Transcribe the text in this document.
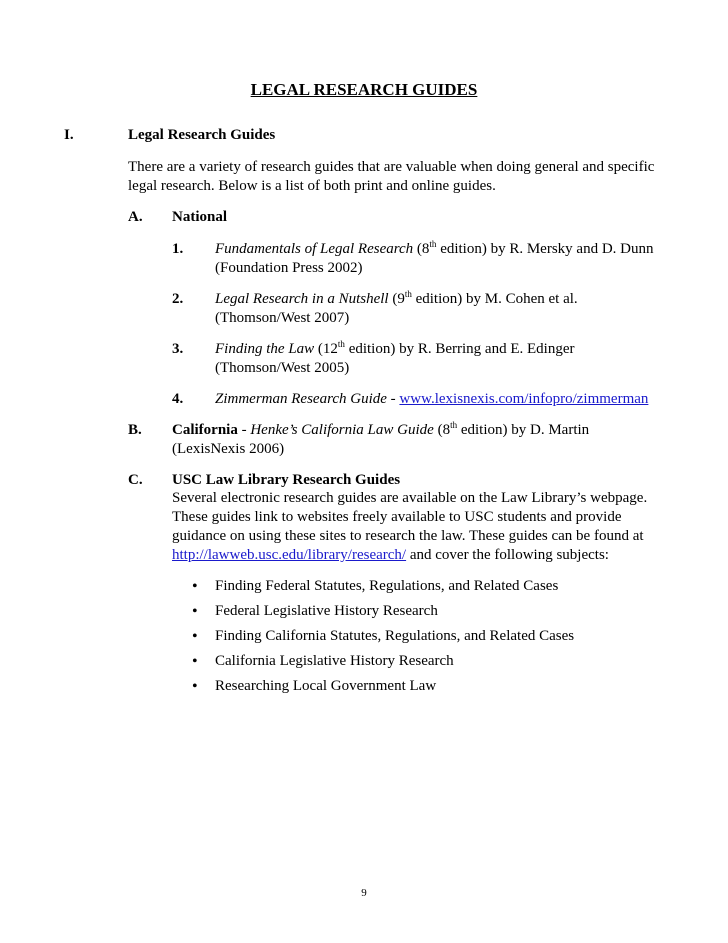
LEGAL RESEARCH GUIDES
I.	Legal Research Guides
There are a variety of research guides that are valuable when doing general and specific
legal research. Below is a list of both print and online guides.
A. National
1. Fundamentals of Legal Research (8th edition) by R. Mersky and D. Dunn
(Foundation Press 2002)
2. Legal Research in a Nutshell (9th edition) by M. Cohen et al.
(Thomson/West 2007)
3. Finding the Law (12th edition) by R. Berring and E. Edinger
(Thomson/West 2005)
4. Zimmerman Research Guide - www.lexisnexis.com/infopro/zimmerman
B. California - Henke’s California Law Guide (8th edition) by D. Martin
(LexisNexis 2006)
C. USC Law Library Research Guides
Several electronic research guides are available on the Law Library’s webpage.
These guides link to websites freely available to USC students and provide
guidance on using these sites to research the law. These guides can be found at
http://lawweb.usc.edu/library/research/ and cover the following subjects:
• Finding Federal Statutes, Regulations, and Related Cases
• Federal Legislative History Research
• Finding California Statutes, Regulations, and Related Cases
• California Legislative History Research
• Researching Local Government Law
9
